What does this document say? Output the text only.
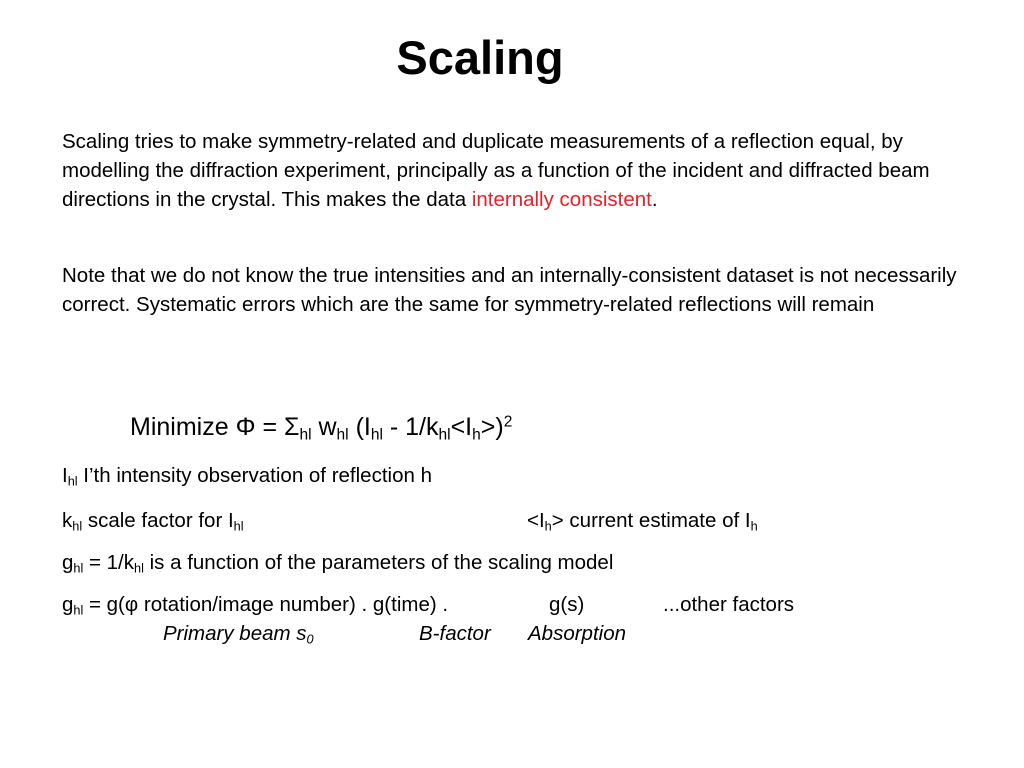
Scaling
Scaling tries to make symmetry-related and duplicate measurements of a reflection equal, by modelling the diffraction experiment, principally as a function of the incident and diffracted beam directions in the crystal. This makes the data internally consistent.
Note that we do not know the true intensities and an internally-consistent dataset is not necessarily correct. Systematic errors which are the same for symmetry-related reflections will remain
Minimize $\Phi = \Sigma_{hl}$ $w_{hl}$ $(I_{hl} - 1/k_{hl}<I_h>)^2$
$I_{hl}$ I’th intensity observation of reflection h
$k_{hl}$ scale factor for $I_{hl}$	$<I_h>$ current estimate of $I_h$
$g_{hl} = 1/k_{hl}$ is a function of the parameters of the scaling model
$g_{hl} = g(\varphi$ rotation/image number) . g(time) .	g(s)	...other factors
Primary beam $s_0$	B-factor Absorption
